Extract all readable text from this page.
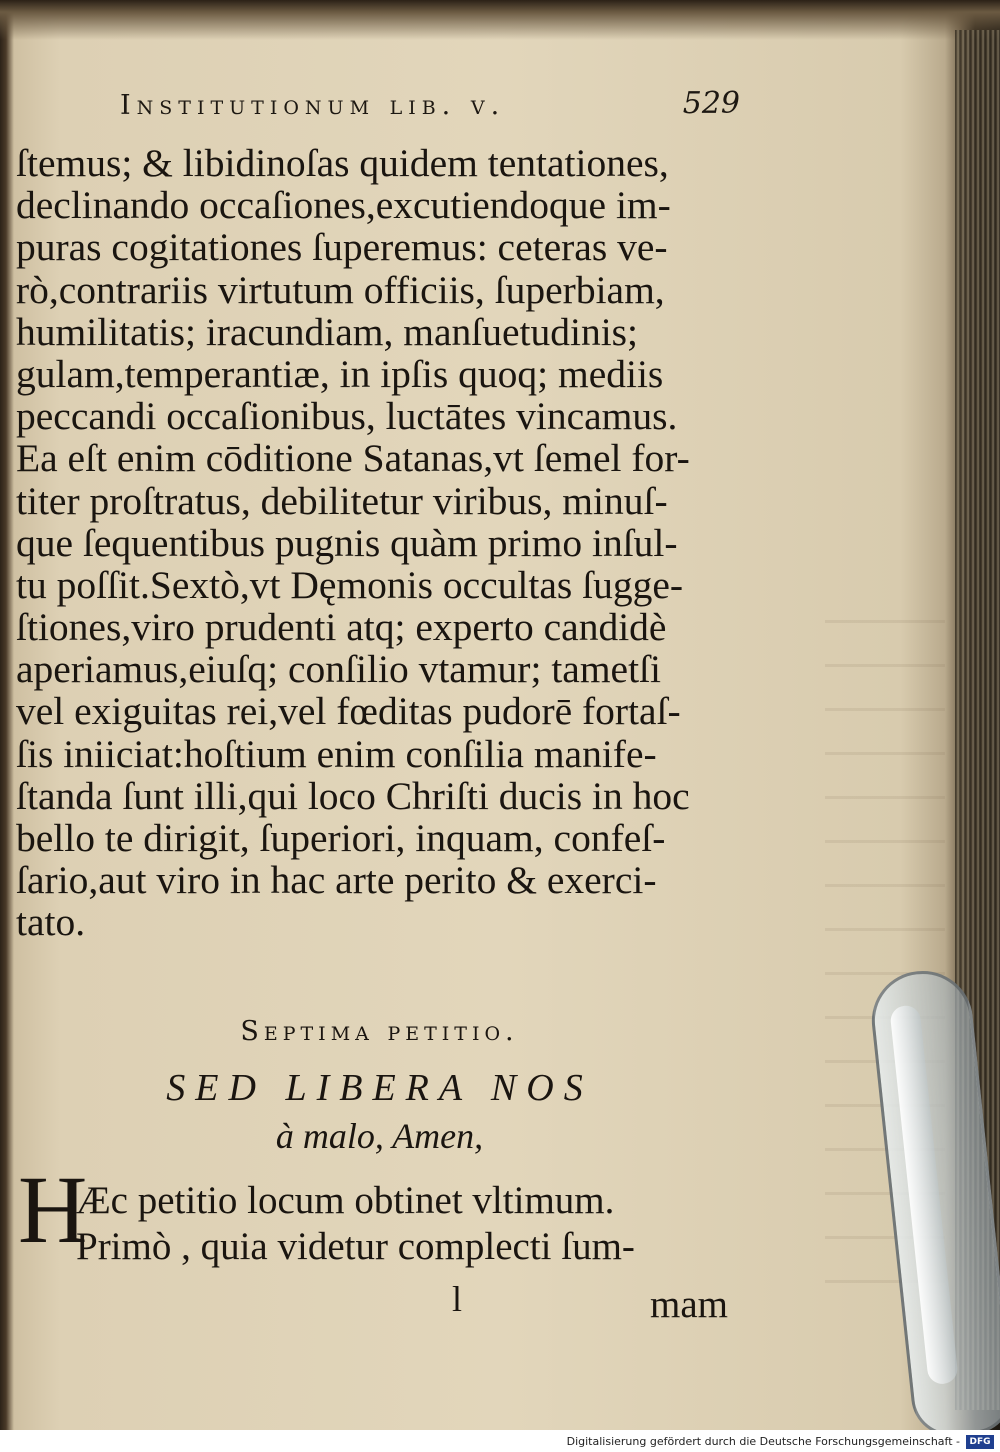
Institutionum lib. v.	529
ſtemus; & libidinoſas quidem tentationes,
declinando occaſiones,excutiendoque im-
puras cogitationes ſuperemus: ceteras ve-
rò,contrariis virtutum officiis, ſuperbiam,
humilitatis; iracundiam, manſuetudinis;
gulam,temperantiæ, in ipſis quoq; mediis
peccandi occaſionibus, luctātes vincamus.
Ea eſt enim cōditione Satanas,vt ſemel for-
titer proſtratus, debilitetur viribus, minuſ-
que ſequentibus pugnis quàm primo inſul-
tu poſſit.Sextò,vt Dęmonis occultas ſugge-
ſtiones,viro prudenti atq; experto candidè
aperiamus,eiuſq; conſilio vtamur; tametſi
vel exiguitas rei,vel fœditas pudorē fortaſ-
ſis iniiciat:hoſtium enim conſilia manife-
ſtanda ſunt illi,qui loco Chriſti ducis in hoc
bello te dirigit, ſuperiori, inquam, confeſ-
ſario,aut viro in hac arte perito & exerci-
tato.
Septima petitio.
SED LIBERA NOS
à malo, Amen,
H
Æc petitio locum obtinet vltimum.
Primò , quia videtur complecti ſum-
l	mam
Digitalisierung gefördert durch die Deutsche Forschungsgemeinschaft -	DFG
